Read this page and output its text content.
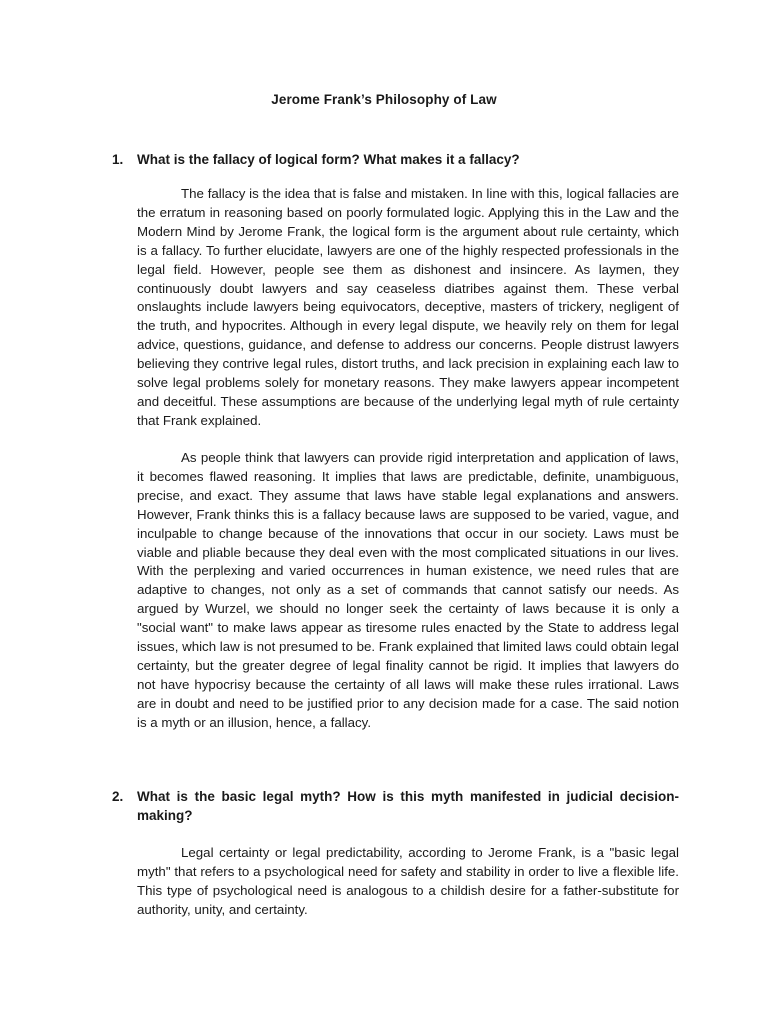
Jerome Frank’s Philosophy of Law
1.	What is the fallacy of logical form? What makes it a fallacy?

The fallacy is the idea that is false and mistaken. In line with this, logical fallacies are the erratum in reasoning based on poorly formulated logic. Applying this in the Law and the Modern Mind by Jerome Frank, the logical form is the argument about rule certainty, which is a fallacy. To further elucidate, lawyers are one of the highly respected professionals in the legal field. However, people see them as dishonest and insincere. As laymen, they continuously doubt lawyers and say ceaseless diatribes against them. These verbal onslaughts include lawyers being equivocators, deceptive, masters of trickery, negligent of the truth, and hypocrites. Although in every legal dispute, we heavily rely on them for legal advice, questions, guidance, and defense to address our concerns. People distrust lawyers believing they contrive legal rules, distort truths, and lack precision in explaining each law to solve legal problems solely for monetary reasons. They make lawyers appear incompetent and deceitful. These assumptions are because of the underlying legal myth of rule certainty that Frank explained.

As people think that lawyers can provide rigid interpretation and application of laws, it becomes flawed reasoning. It implies that laws are predictable, definite, unambiguous, precise, and exact. They assume that laws have stable legal explanations and answers. However, Frank thinks this is a fallacy because laws are supposed to be varied, vague, and inculpable to change because of the innovations that occur in our society. Laws must be viable and pliable because they deal even with the most complicated situations in our lives. With the perplexing and varied occurrences in human existence, we need rules that are adaptive to changes, not only as a set of commands that cannot satisfy our needs. As argued by Wurzel, we should no longer seek the certainty of laws because it is only a "social want" to make laws appear as tiresome rules enacted by the State to address legal issues, which law is not presumed to be. Frank explained that limited laws could obtain legal certainty, but the greater degree of legal finality cannot be rigid. It implies that lawyers do not have hypocrisy because the certainty of all laws will make these rules irrational. Laws are in doubt and need to be justified prior to any decision made for a case. The said notion is a myth or an illusion, hence, a fallacy.

2.	What is the basic legal myth? How is this myth manifested in judicial decision-making?

Legal certainty or legal predictability, according to Jerome Frank, is a "basic legal myth" that refers to a psychological need for safety and stability in order to live a flexible life. This type of psychological need is analogous to a childish desire for a father-substitute for authority, unity, and certainty.
